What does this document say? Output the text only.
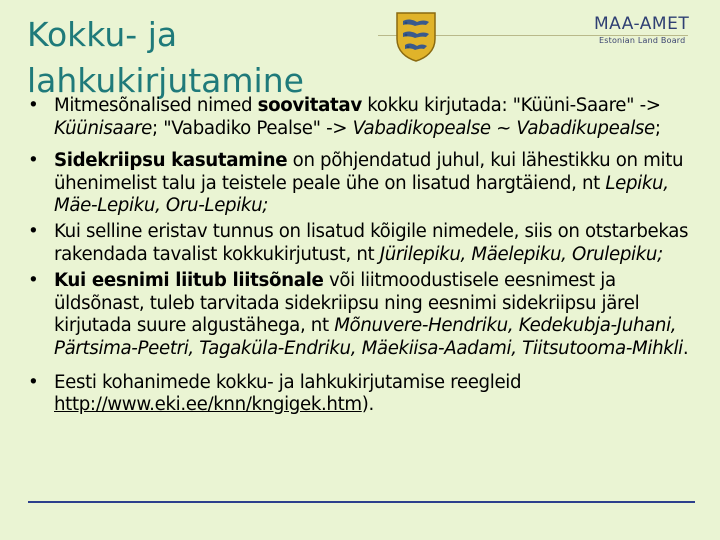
Kokku- ja
lahkukirjutamine
MAA-AMET
Estonian Land Board
• Mitmesõnalised nimed soovitatav kokku kirjutada: "Küüni-Saare" -> Küünisaare; "Vabadiko Pealse" -> Vabadikopealse ~ Vabadikupealse;
• Sidekriipsu kasutamine on põhjendatud juhul, kui lähestikku on mitu ühenimelist talu ja teistele peale ühe on lisatud hargtäiend, nt Lepiku, Mäe-Lepiku, Oru-Lepiku;
• Kui selline eristav tunnus on lisatud kõigile nimedele, siis on otstarbekas rakendada tavalist kokkukirjutust, nt Jürilepiku, Mäelepiku, Orulepiku;
• Kui eesnimi liitub liitsõnale või liitmoodustisele eesnimest ja üldsõnast, tuleb tarvitada sidekriipsu ning eesnimi sidekriipsu järel kirjutada suure algustähega, nt Mõnuvere-Hendriku, Kedekubja-Juhani, Pärtsima-Peetri, Tagaküla-Endriku, Mäekiisa-Aadami, Tiitsutooma-Mihkli.
• Eesti kohanimede kokku- ja lahkukirjutamise reegleid http://www.eki.ee/knn/kngigek.htm).
